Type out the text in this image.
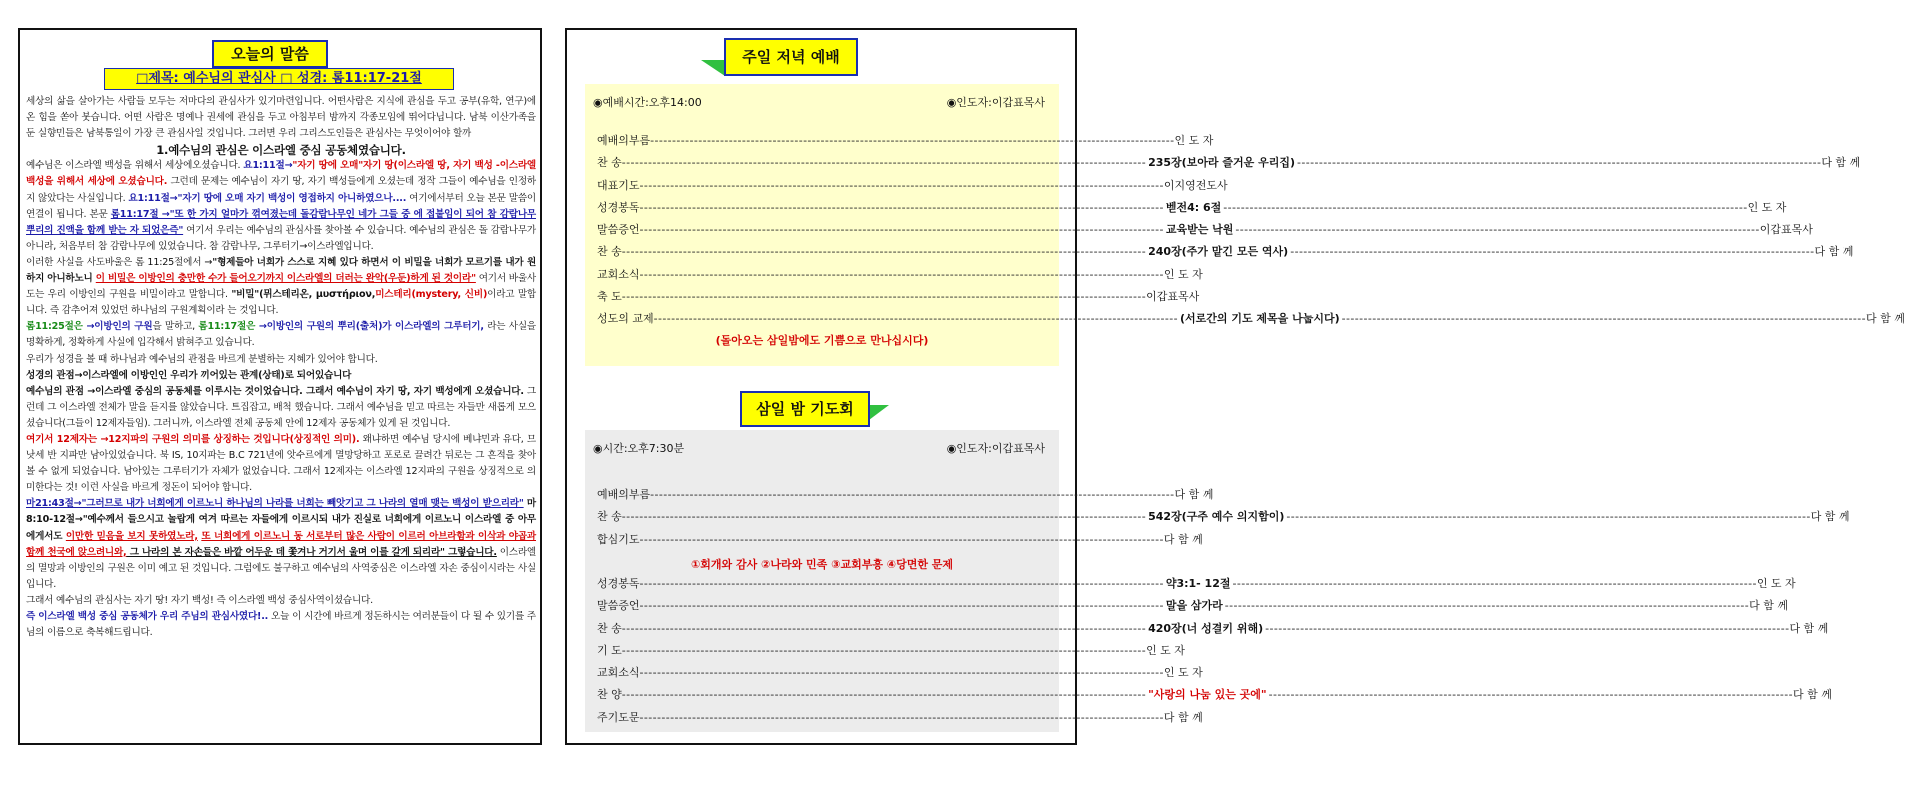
오늘의 말씀
□제목: 예수님의 관심사 □ 성경: 롬11:17-21절

세상의 삶을 살아가는 사람들 모두는 저마다의 관심사가 있기마련입니다. 어떤사람은 지식에 관심을 두고 공부(유학, 연구)에 온 힘을 쏟아 붓습니다. 어떤 사람은 명예나 권세에 관심을 두고 아침부터 밤까지 각종모임에 뛰어다닙니다. 남북 이산가족을 둔 실향민들은 남북통일이 가장 큰 관심사일 것입니다. 그러면 우리 그리스도인들은 관심사는 무엇이어야 할까

1.예수님의 관심은 이스라엘 중심 공동체였습니다.

예수님은 이스라엘 백성을 위해서 세상에오셨습니다. 요1:11절→"자기 땅에 오매"자기 땅(이스라엘 땅, 자기 백성 -이스라엘 백성을 위해서 세상에 오셨습니다. 그런데 문제는 예수님이 자기 땅, 자기 백성들에게 오셨는데 정작 그들이 예수님을 인정하지 않았다는 사실입니다. 요1:11절→"자기 땅에 오매 자기 백성이 영접하지 아니하였으나.... 여기에서부터 오늘 본문 말씀이 연결이 됩니다. 본문 롬11:17절 →"또 한 가지 얼마가 꺾여졌는데 돌감람나무인 네가 그들 중 에 접붙임이 되어 참 감람나무 뿌리의 진액을 함께 받는 자 되었은즉" 여기서 우리는 예수님의 관심사를 찾아볼 수 있습니다. 예수님의 관심은 돌 감람나무가 아니라, 처음부터 참 감람나무에 있었습니다. 참 감람나무, 그루터기→이스라엘입니다.

이러한 사실을 사도바울은 롬 11:25절에서 →"형제들아 너희가 스스로 지혜 있다 하면서 이 비밀을 너희가 모르기를 내가 원하지 아니하노니 이 비밀은 이방인의 충만한 수가 들어오기까지 이스라엘의 더러는 완악(우둔)하게 된 것이라" 여기서 바울사도는 우리 이방인의 구원을 비밀이라고 말합니다. "비밀"(뮈스테리온, μυστήριον,미스테리(mystery, 신비)이라고 말합니다. 즉 감추어져 있었던 하나님의 구원계획이라 는 것입니다.

롬11:25절은 →이방인의 구원을 말하고, 롬11:17절은 →이방인의 구원의 뿌리(출처)가 이스라엘의 그루터기, 라는 사실을 명확하게, 정확하게 사실에 입각해서 밝혀주고 있습니다.

우리가 성경을 볼 때 하나님과 예수님의 관점을 바르게 분별하는 지혜가 있어야 합니다.

성경의 관점→이스라엘에 이방인인 우리가 끼어있는 관계(상태)로 되어있습니다

예수님의 관점 →이스라엘 중심의 공동체를 이루시는 것이었습니다. 그래서 예수님이 자기 땅, 자기 백성에게 오셨습니다. 그런데 그 이스라엘 전체가 말을 듣지를 않았습니다. 트집잡고, 배척 했습니다. 그래서 예수님을 믿고 따르는 자들만 새롭게 모으셨습니다(그들이 12제자들임). 그러니까, 이스라엘 전체 공동체 안에 12제자 공동체가 있게 된 것입니다.

여기서 12제자는 →12지파의 구원의 의미를 상징하는 것입니다(상징적인 의미). 왜냐하면 예수님 당시에 베냐민과 유다, 므낫세 반 지파만 남아있었습니다. 북 IS, 10지파는 B.C 721년에 앗수르에게 멸망당하고 포로로 끌려간 뒤로는 그 흔적을 찾아볼 수 없게 되었습니다. 남아있는 그루터기가 자체가 없었습니다. 그래서 12제자는 이스라엘 12지파의 구원을 상징적으로 의미한다는 것! 이런 사실을 바르게 정돈이 되어야 합니다.

마21:43절→"그러므로 내가 너희에게 이르노니 하나님의 나라를 너희는 빼앗기고 그 나라의 열매 맺는 백성이 받으리라" 마8:10-12절→"예수께서 들으시고 놀랍게 여겨 따르는 자들에게 이르시되 내가 진실로 너희에게 이르노니 이스라엘 중 아무에게서도 이만한 믿음을 보지 못하였노라, 또 너희에게 이르노니 동 서로부터 많은 사람이 이르러 아브라함과 이삭과 야곱과 함께 천국에 앉으려니와, 그 나라의 본 자손들은 바깥 어두운 데 쫓겨나 거기서 울며 이를 갈게 되리라" 그렇습니다. 이스라엘의 멸망과 이방인의 구원은 이미 예고 된 것입니다. 그럼에도 불구하고 예수님의 사역중심은 이스라엘 자손 중심이시라는 사실입니다.

그래서 예수님의 관심사는 자기 땅! 자기 백성! 즉 이스라엘 백성 중심사역이셨습니다.

즉 이스라엘 백성 중심 공동체가 우리 주님의 관심사였다!.. 오늘 이 시간에 바르게 정돈하시는 여러분들이 다 될 수 있기를 주님의 이름으로 축복해드립니다.

주일 저녁 예배
◉예배시간:오후14:00	◉인도자:이갑표목사
예배의부름 ------------------------------------------------------------------------------------------------------------------------ 인 도 자
찬 송 ------------------------------------------------------------------------------------------------------------------------ 235장(보아라 즐거운 우리집) ------------------------------------------------------------------------------------------------------------------------ 다 함 께
대표기도 ------------------------------------------------------------------------------------------------------------------------ 이지영전도사
성경봉독 ------------------------------------------------------------------------------------------------------------------------ 벧전4: 6절 ------------------------------------------------------------------------------------------------------------------------ 인 도 자
말씀증언 ------------------------------------------------------------------------------------------------------------------------ 교육받는 낙원 ------------------------------------------------------------------------------------------------------------------------ 이갑표목사
찬 송 ------------------------------------------------------------------------------------------------------------------------ 240장(주가 맡긴 모든 역사) ------------------------------------------------------------------------------------------------------------------------ 다 함 께
교회소식 ------------------------------------------------------------------------------------------------------------------------ 인 도 자
축 도 ------------------------------------------------------------------------------------------------------------------------ 이갑표목사
성도의 교제 ------------------------------------------------------------------------------------------------------------------------ (서로간의 기도 제목을 나눕시다) ------------------------------------------------------------------------------------------------------------------------ 다 함 께
(돌아오는 삼일밤에도 기쁨으로 만나십시다)
삼일 밤 기도회
◉시간:오후7:30분	◉인도자:이갑표목사
예배의부름 ------------------------------------------------------------------------------------------------------------------------ 다 함 께
찬 송 ------------------------------------------------------------------------------------------------------------------------ 542장(구주 예수 의지함이) ------------------------------------------------------------------------------------------------------------------------ 다 함 께
합심기도 ------------------------------------------------------------------------------------------------------------------------ 다 함 께
①회개와 감사 ②나라와 민족 ③교회부흥 ④당면한 문제
성경봉독 ------------------------------------------------------------------------------------------------------------------------ 약3:1- 12절 ------------------------------------------------------------------------------------------------------------------------ 인 도 자
말씀증언 ------------------------------------------------------------------------------------------------------------------------ 말을 삼가라 ------------------------------------------------------------------------------------------------------------------------ 다 함 께
찬 송 ------------------------------------------------------------------------------------------------------------------------ 420장(너 성결키 위해) ------------------------------------------------------------------------------------------------------------------------ 다 함 께
기 도 ------------------------------------------------------------------------------------------------------------------------ 인 도 자
교회소식 ------------------------------------------------------------------------------------------------------------------------ 인 도 자
찬 양 ------------------------------------------------------------------------------------------------------------------------ "사랑의 나눔 있는 곳에" ------------------------------------------------------------------------------------------------------------------------ 다 함 께
주기도문 ------------------------------------------------------------------------------------------------------------------------ 다 함 께
